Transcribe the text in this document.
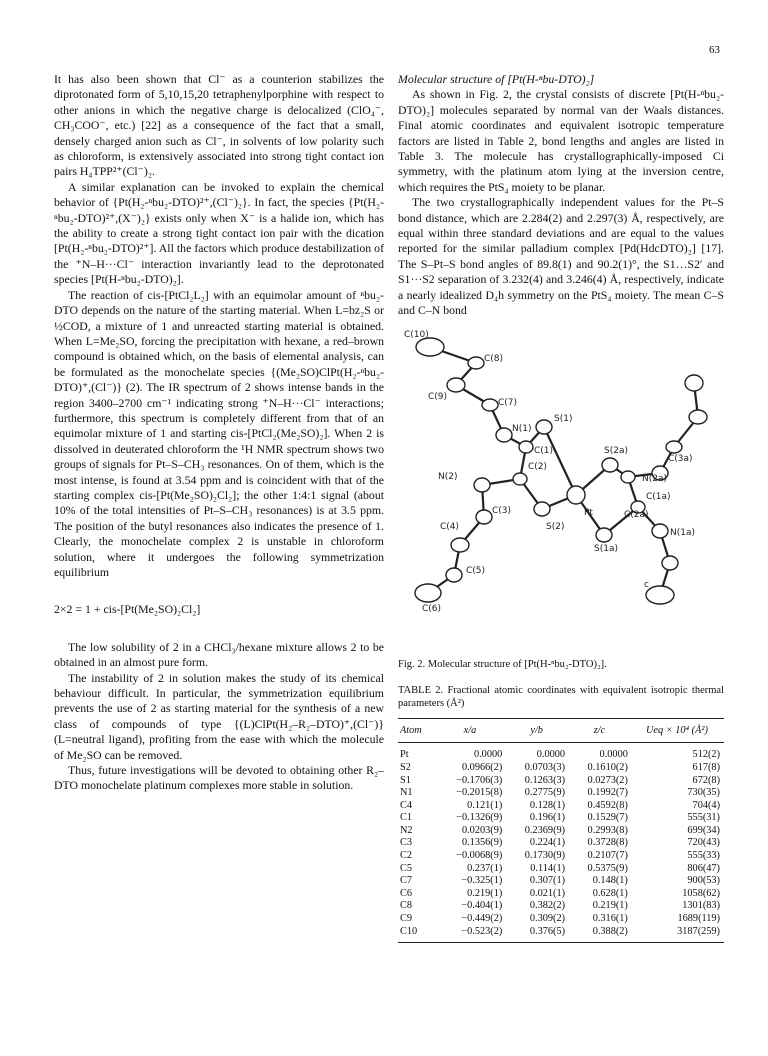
63

It has also been shown that Cl⁻ as a counterion stabilizes the diprotonated form of 5,10,15,20 tetraphenylporphine with respect to other anions in which the negative charge is delocalized (ClO₄⁻, CH₃COO⁻, etc.) [22] as a consequence of the fact that a small, densely charged anion such as Cl⁻, in solvents of low polarity such as chloroform, is extensively associated into strong tight contact ion pairs H₄TPP²⁺(Cl⁻)₂.

A similar explanation can be invoked to explain the chemical behavior of {Pt(H₂-ⁿbu₂-DTO)²⁺,(Cl⁻)₂}. In fact, the species {Pt(H₂-ⁿbu₂-DTO)²⁺,(X⁻)₂} exists only when X⁻ is a halide ion, which has the ability to create a strong tight contact ion pair with the dication [Pt(H₂-ⁿbu₂-DTO)²⁺]. All the factors which produce destabilization of the ⁺N–H···Cl⁻ interaction invariantly lead to the deprotonated species [Pt(H-ⁿbu₂-DTO)₂].

The reaction of cis-[PtCl₂L₂] with an equimolar amount of ⁿbu₂-DTO depends on the nature of the starting material. When L=bz₂S or ½COD, a mixture of 1 and unreacted starting material is obtained. When L=Me₂SO, forcing the precipitation with hexane, a red–brown compound is obtained which, on the basis of elemental analysis, can be formulated as the monochelate species {(Me₂SO)ClPt(H₂-ⁿbu₂-DTO)⁺,(Cl⁻)} (2). The IR spectrum of 2 shows intense bands in the region 3400–2700 cm⁻¹ indicating strong ⁺N–H···Cl⁻ interactions; furthermore, this spectrum is completely different from that of an equimolar mixture of 1 and starting cis-[PtCl₂(Me₂SO)₂]. When 2 is dissolved in deuterated chloroform the ¹H NMR spectrum shows two groups of signals for Pt–S–CH₃ resonances. On of them, which is the most intense, is found at 3.54 ppm and is coincident with that of the starting complex cis-[Pt(Me₂SO)₂Cl₂]; the other 1:4:1 signal (about 10% of the total intensities of Pt–S–CH₃ resonances) is at 3.5 ppm. The position of the butyl resonances also indicates the presence of 1. Clearly, the monochelate complex 2 is unstable in chloroform solution, where it undergoes the following symmetrization equilibrium

2×2 = 1 + cis-[Pt(Me₂SO)₂Cl₂]

The low solubility of 2 in a CHCl₃/hexane mixture allows 2 to be obtained in an almost pure form.

The instability of 2 in solution makes the study of its chemical behaviour difficult. In particular, the symmetrization equilibrium prevents the use of 2 as starting material for the synthesis of a new class of compounds of type {(L)ClPt(H₂–R₂–DTO)⁺,(Cl⁻)} (L=neutral ligand), profiting from the ease with which the molecule of Me₂SO can be removed.

Thus, future investigations will be devoted to obtaining other R₂–DTO monochelate platinum complexes more stable in solution.

Molecular structure of [Pt(H-ⁿbu-DTO)₂]

As shown in Fig. 2, the crystal consists of discrete [Pt(H-ⁿbu₂-DTO)₂] molecules separated by normal van der Waals distances. Final atomic coordinates and equivalent isotropic temperature factors are listed in Table 2, bond lengths and angles are listed in Table 3. The molecule has crystallographically-imposed Ci symmetry, with the platinum atom lying at the inversion centre, which requires the PtS₄ moiety to be planar.

The two crystallographically independent values for the Pt–S bond distance, which are 2.284(2) and 2.297(3) Å, respectively, are equal within three standard deviations and are equal to the values reported for the similar palladium complex [Pd(HdcDTO)₂] [17]. The S–Pt–S bond angles of 89.8(1) and 90.2(1)°, the S1…S2′ and S1···S2 separation of 3.232(4) and 3.246(4) Å, respectively, indicate a nearly idealized D₄h symmetry on the PtS₄ moiety. The mean C–S and C–N bond

C(10)
C(8)
C(9)
C(7)
N(1)
S(1)
S(2a)
C(1)
C(3a)
N(2)
C(2)
N(2a)
C(2a)
Pt
C(1a)
C(3)
S(2)
N(1a)
C(4)
S(1a)
C(5)
C(6)
c
Fig. 2. Molecular structure of [Pt(H-ⁿbu₂-DTO)₂].
TABLE 2. Fractional atomic coordinates with equivalent isotropic thermal parameters (Å²)
Atom	x/a	y/b	z/c	Ueq × 10⁴ (Å²)
Pt	0.0000	0.0000	0.0000	512(2)
S2	0.0966(2)	0.0703(3)	0.1610(2)	617(8)
S1	−0.1706(3)	0.1263(3)	0.0273(2)	672(8)
N1	−0.2015(8)	0.2775(9)	0.1992(7)	730(35)
C4	0.121(1)	0.128(1)	0.4592(8)	704(4)
C1	−0.1326(9)	0.196(1)	0.1529(7)	555(31)
N2	0.0203(9)	0.2369(9)	0.2993(8)	699(34)
C3	0.1356(9)	0.224(1)	0.3728(8)	720(43)
C2	−0.0068(9)	0.1730(9)	0.2107(7)	555(33)
C5	0.237(1)	0.114(1)	0.5375(9)	806(47)
C7	−0.325(1)	0.307(1)	0.148(1)	900(53)
C6	0.219(1)	0.021(1)	0.628(1)	1058(62)
C8	−0.404(1)	0.382(2)	0.219(1)	1301(83)
C9	−0.449(2)	0.309(2)	0.316(1)	1689(119)
C10	−0.523(2)	0.376(5)	0.388(2)	3187(259)
